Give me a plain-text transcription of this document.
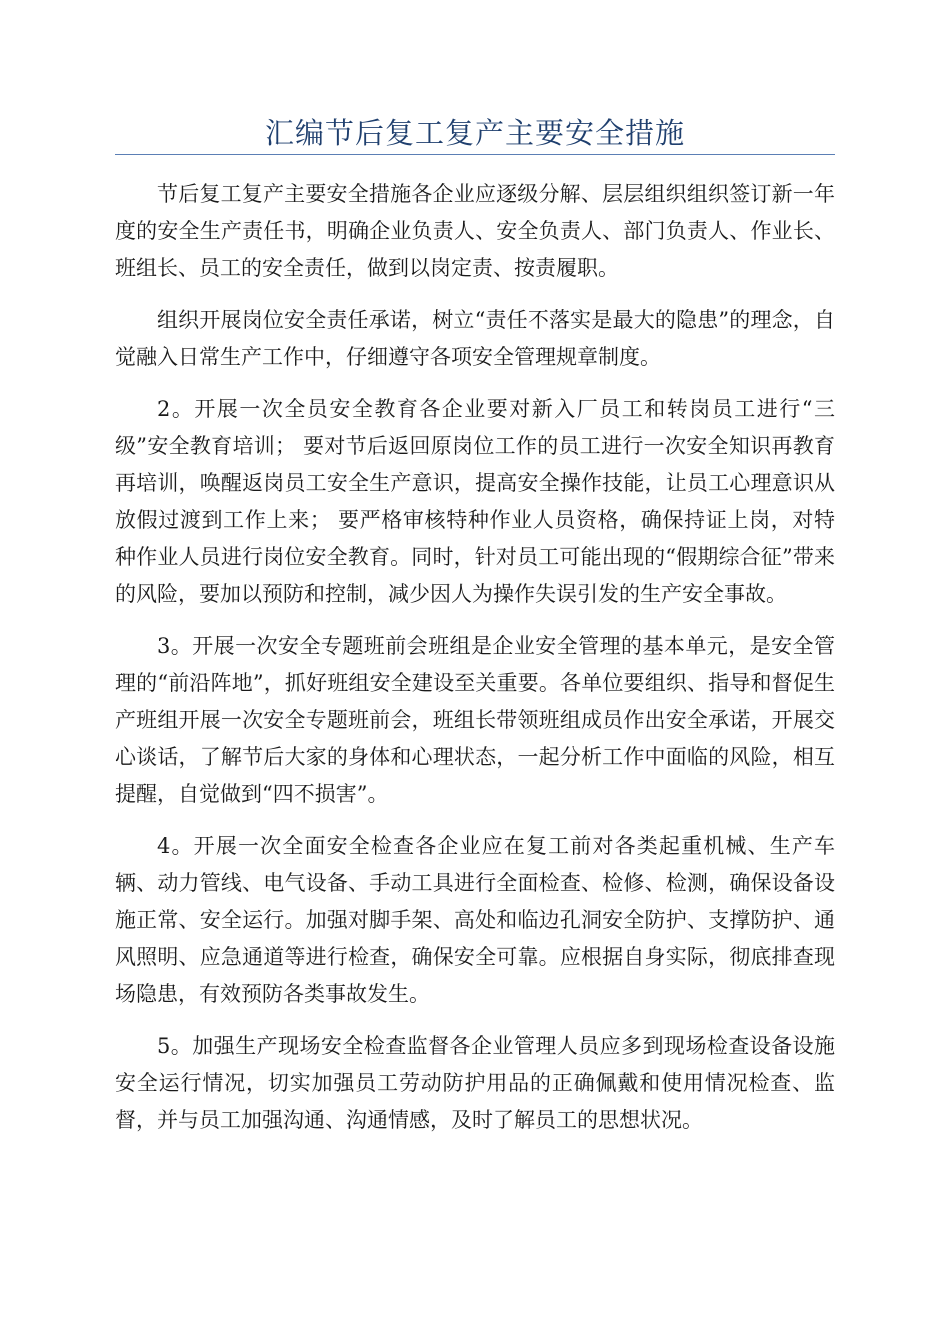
汇编节后复工复产主要安全措施

节后复工复产主要安全措施各企业应逐级分解、层层组织组织签订新一年度的安全生产责任书，明确企业负责人、安全负责人、部门负责人、作业长、班组长、员工的安全责任，做到以岗定责、按责履职。

组织开展岗位安全责任承诺，树立“责任不落实是最大的隐患”的理念，自觉融入日常生产工作中，仔细遵守各项安全管理规章制度。

2。开展一次全员安全教育各企业要对新入厂员工和转岗员工进行“三级”安全教育培训； 要对节后返回原岗位工作的员工进行一次安全知识再教育再培训，唤醒返岗员工安全生产意识，提高安全操作技能，让员工心理意识从放假过渡到工作上来； 要严格审核特种作业人员资格，确保持证上岗，对特种作业人员进行岗位安全教育。同时，针对员工可能出现的“假期综合征”带来的风险，要加以预防和控制，减少因人为操作失误引发的生产安全事故。

3。开展一次安全专题班前会班组是企业安全管理的基本单元，是安全管理的“前沿阵地”，抓好班组安全建设至关重要。各单位要组织、指导和督促生产班组开展一次安全专题班前会，班组长带领班组成员作出安全承诺，开展交心谈话，了解节后大家的身体和心理状态，一起分析工作中面临的风险，相互提醒，自觉做到“四不损害”。

4。开展一次全面安全检查各企业应在复工前对各类起重机械、生产车辆、动力管线、电气设备、手动工具进行全面检查、检修、检测，确保设备设施正常、安全运行。加强对脚手架、高处和临边孔洞安全防护、支撑防护、通风照明、应急通道等进行检查，确保安全可靠。应根据自身实际，彻底排查现场隐患，有效预防各类事故发生。

5。加强生产现场安全检查监督各企业管理人员应多到现场检查设备设施安全运行情况，切实加强员工劳动防护用品的正确佩戴和使用情况检查、监督，并与员工加强沟通、沟通情感，及时了解员工的思想状况。
